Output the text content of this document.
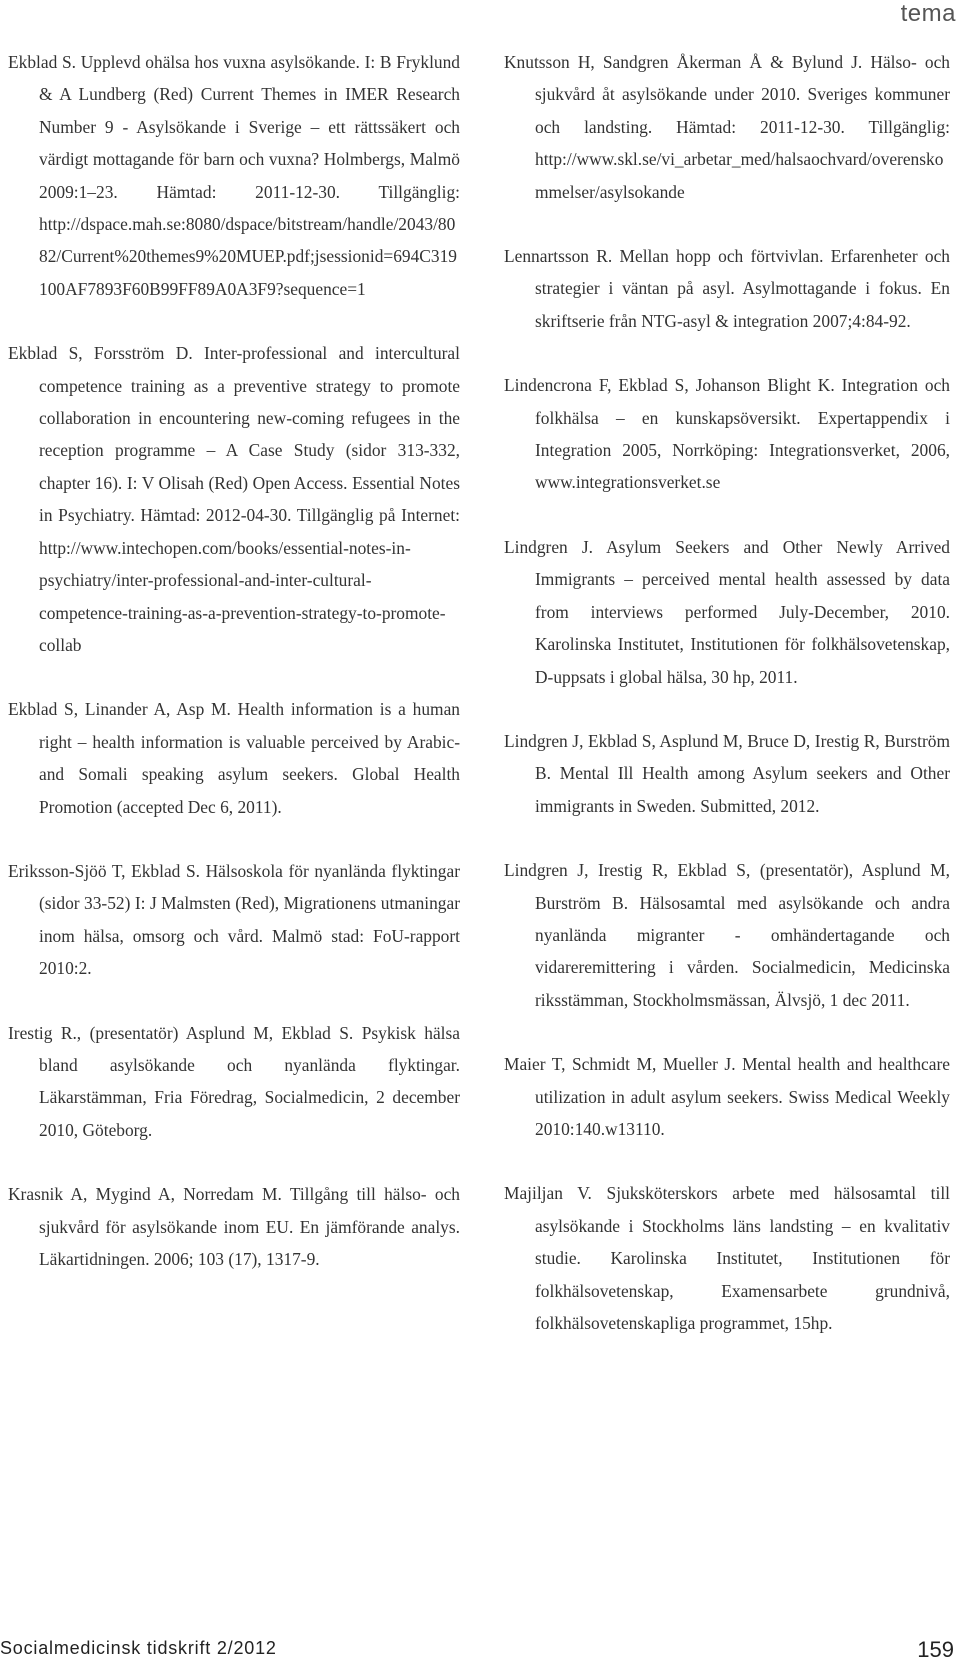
tema

Ekblad S. Upplevd ohälsa hos vuxna asylsökande. I: B Fryklund & A Lundberg (Red) Current Themes in IMER Research Number 9 - Asylsökande i Sverige – ett rättssäkert och värdigt mottagande för barn och vuxna? Holmbergs, Malmö 2009:1–23. Hämtad: 2011-12-30. Tillgänglig: http://dspace.mah.se:8080/dspace/bitstream/handle/2043/8082/Current%20themes9%20MUEP.pdf;jsessionid=694C319100AF7893F60B99FF89A0A3F9?sequence=1

Ekblad S, Forsström D. Inter-professional and intercultural competence training as a preventive strategy to promote collaboration in encountering new-coming refugees in the reception programme – A Case Study (sidor 313-332, chapter 16). I: V Olisah (Red) Open Access. Essential Notes in Psychiatry. Hämtad: 2012-04-30. Tillgänglig på Internet: http://www.intechopen.com/books/essential-notes-in-psychiatry/inter-professional-and-inter-cultural-competence-training-as-a-prevention-strategy-to-promote-collab

Ekblad S, Linander A, Asp M. Health information is a human right – health information is valuable perceived by Arabic- and Somali speaking asylum seekers. Global Health Promotion (accepted Dec 6, 2011).

Eriksson-Sjöö T, Ekblad S. Hälsoskola för nyanlända flyktingar (sidor 33-52) I: J Malmsten (Red), Migrationens utmaningar inom hälsa, omsorg och vård. Malmö stad: FoU-rapport 2010:2.

Irestig R., (presentatör) Asplund M, Ekblad S. Psykisk hälsa bland asylsökande och nyanlända flyktingar. Läkarstämman, Fria Föredrag, Socialmedicin, 2 december 2010, Göteborg.

Krasnik A, Mygind A, Norredam M. Tillgång till hälso- och sjukvård för asylsökande inom EU. En jämförande analys. Läkartidningen. 2006; 103 (17), 1317-9.

Knutsson H, Sandgren Åkerman Å & Bylund J. Hälso- och sjukvård åt asylsökande under 2010. Sveriges kommuner och landsting. Hämtad: 2011-12-30. Tillgänglig: http://www.skl.se/vi_arbetar_med/halsaochvard/overenskommelser/asylsokande

Lennartsson R. Mellan hopp och förtvivlan. Erfarenheter och strategier i väntan på asyl. Asylmottagande i fokus. En skriftserie från NTG-asyl & integration 2007;4:84-92.

Lindencrona F, Ekblad S, Johanson Blight K. Integration och folkhälsa – en kunskapsöversikt. Expertappendix i Integration 2005, Norrköping: Integrationsverket, 2006, www.integrationsverket.se

Lindgren J. Asylum Seekers and Other Newly Arrived Immigrants – perceived mental health assessed by data from interviews performed July-December, 2010. Karolinska Institutet, Institutionen för folkhälsovetenskap, D-uppsats i global hälsa, 30 hp, 2011.

Lindgren J, Ekblad S, Asplund M, Bruce D, Irestig R, Burström B. Mental Ill Health among Asylum seekers and Other immigrants in Sweden. Submitted, 2012.

Lindgren J, Irestig R, Ekblad S, (presentatör), Asplund M, Burström B. Hälsosamtal med asylsökande och andra nyanlända migranter - omhändertagande och vidareremittering i vården. Socialmedicin, Medicinska riksstämman, Stockholmsmässan, Älvsjö, 1 dec 2011.

Maier T, Schmidt M, Mueller J. Mental health and healthcare utilization in adult asylum seekers. Swiss Medical Weekly 2010:140.w13110.

Majiljan V. Sjuksköterskors arbete med hälsosamtal till asylsökande i Stockholms läns landsting – en kvalitativ studie. Karolinska Institutet, Institutionen för folkhälsovetenskap, Examensarbete grundnivå, folkhälsovetenskapliga programmet, 15hp.

Socialmedicinsk tidskrift 2/2012	159
